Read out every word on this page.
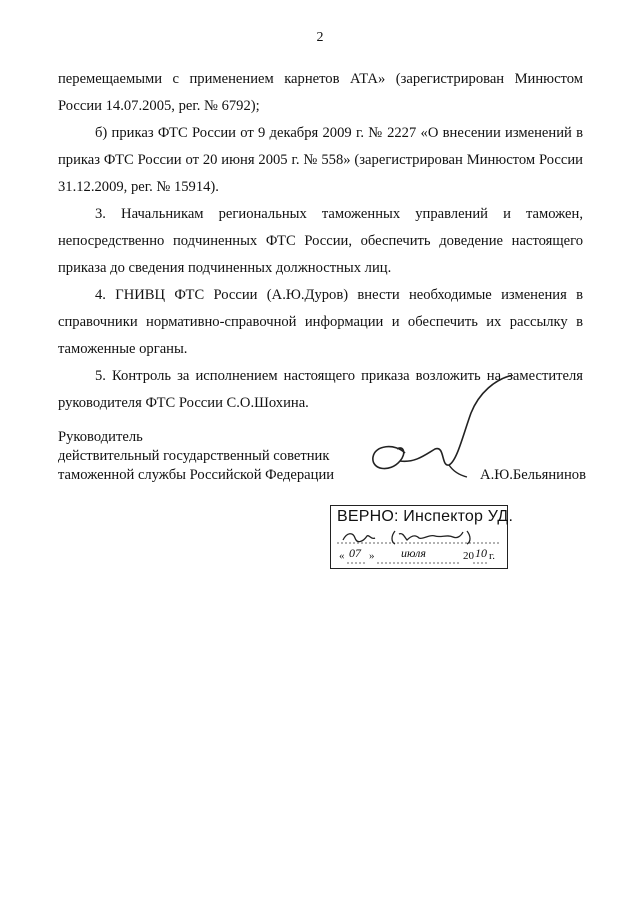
2

перемещаемыми с применением карнетов АТА» (зарегистрирован Минюстом России 14.07.2005, рег. № 6792);

б) приказ ФТС России от 9 декабря 2009 г. № 2227 «О внесении изменений в приказ ФТС России от 20 июня 2005 г. № 558» (зарегистрирован Минюстом России 31.12.2009, рег. № 15914).

3. Начальникам региональных таможенных управлений и таможен, непосредственно подчиненных ФТС России, обеспечить доведение настоящего приказа до сведения подчиненных должностных лиц.

4. ГНИВЦ ФТС России (А.Ю.Дуров) внести необходимые изменения в справочники нормативно-справочной информации и обеспечить их рассылку в таможенные органы.

5. Контроль за исполнением настоящего приказа возложить на заместителя руководителя ФТС России С.О.Шохина.

Руководитель
действительный государственный советник
таможенной службы Российской Федерации	А.Ю.Бельянинов
ВЕРНО: Инспектор УД.
« 07 » июля	20 10 г.
